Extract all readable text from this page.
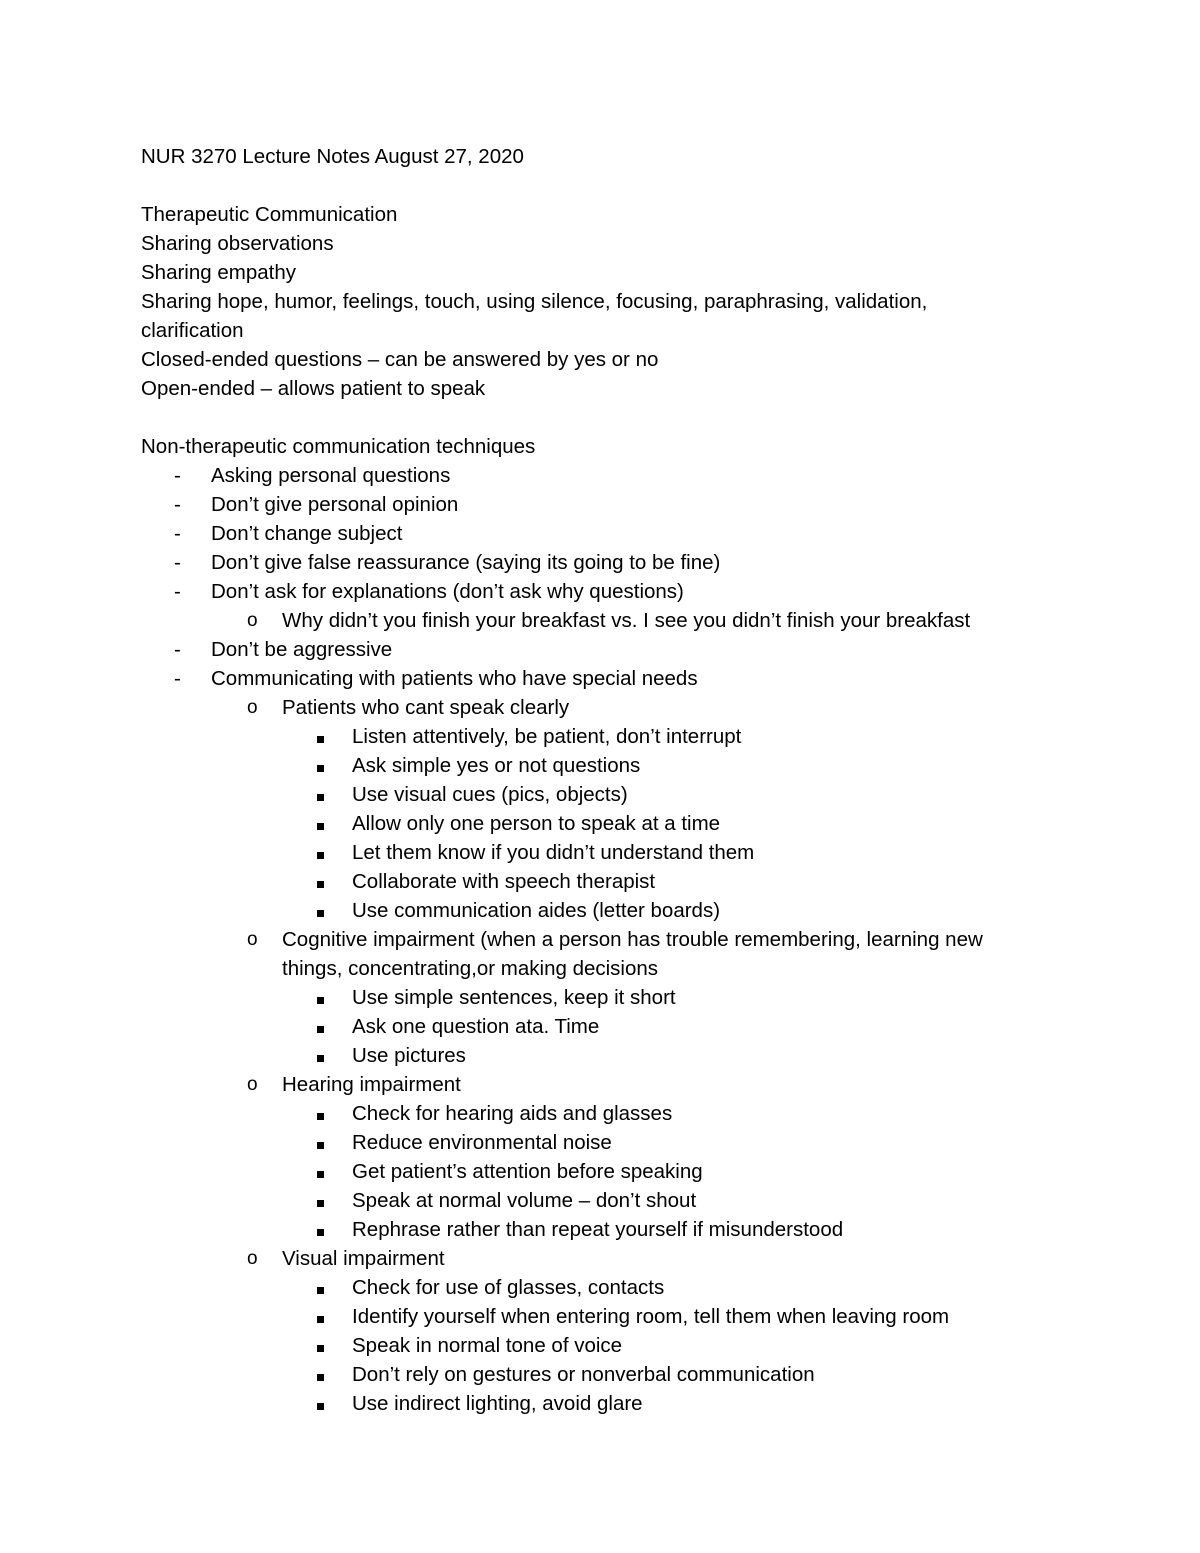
NUR 3270 Lecture Notes August 27, 2020
Therapeutic Communication
Sharing observations
Sharing empathy
Sharing hope, humor, feelings, touch, using silence, focusing, paraphrasing, validation,
clarification
Closed-ended questions – can be answered by yes or no
Open-ended – allows patient to speak
Non-therapeutic communication techniques
- Asking personal questions
- Don’t give personal opinion
- Don’t change subject
- Don’t give false reassurance (saying its going to be fine)
- Don’t ask for explanations (don’t ask why questions)
o Why didn’t you finish your breakfast vs. I see you didn’t finish your breakfast
- Don’t be aggressive
- Communicating with patients who have special needs
o Patients who cant speak clearly
Listen attentively, be patient, don’t interrupt
Ask simple yes or not questions
Use visual cues (pics, objects)
Allow only one person to speak at a time
Let them know if you didn’t understand them
Collaborate with speech therapist
Use communication aides (letter boards)
o Cognitive impairment (when a person has trouble remembering, learning new
things, concentrating,or making decisions
Use simple sentences, keep it short
Ask one question ata. Time
Use pictures
o Hearing impairment
Check for hearing aids and glasses
Reduce environmental noise
Get patient’s attention before speaking
Speak at normal volume – don’t shout
Rephrase rather than repeat yourself if misunderstood
o Visual impairment
Check for use of glasses, contacts
Identify yourself when entering room, tell them when leaving room
Speak in normal tone of voice
Don’t rely on gestures or nonverbal communication
Use indirect lighting, avoid glare
